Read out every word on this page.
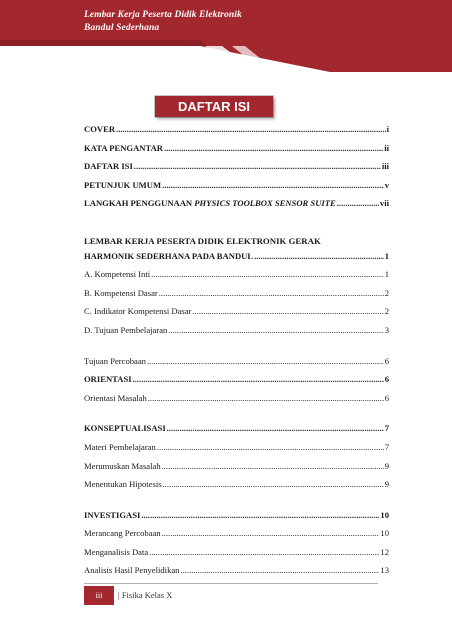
Lembar Kerja Peserta Didik Elektronik
Bandul Sederhana
DAFTAR ISI
COVER .....	i
KATA PENGANTAR .....	ii
DAFTAR ISI .....	iii
PETUNJUK UMUM .....	v
LANGKAH PENGGUNAAN PHYSICS TOOLBOX SENSOR SUITE .....	vii
LEMBAR KERJA PESERTA DIDIK ELEKTRONIK GERAK
HARMONIK SEDERHANA PADA BANDUL .....	1
A. Kompetensi Inti .....	1
B. Kompetensi Dasar .....	2
C. Indikator Kompetensi Dasar .....	2
D. Tujuan Pembelajaran .....	3
Tujuan Percobaan .....	6
ORIENTASI .....	6
Orientasi Masalah .....	6
KONSEPTUALISASI .....	7
Materi Pembelajaran .....	7
Merumuskan Masalah .....	9
Menentukan Hipotesis .....	9
INVESTIGASI .....	10
Merancang Percobaan .....	10
Menganalisis Data .....	12
Analisis Hasil Penyelidikan .....	13
iii	| Fisika Kelas X
